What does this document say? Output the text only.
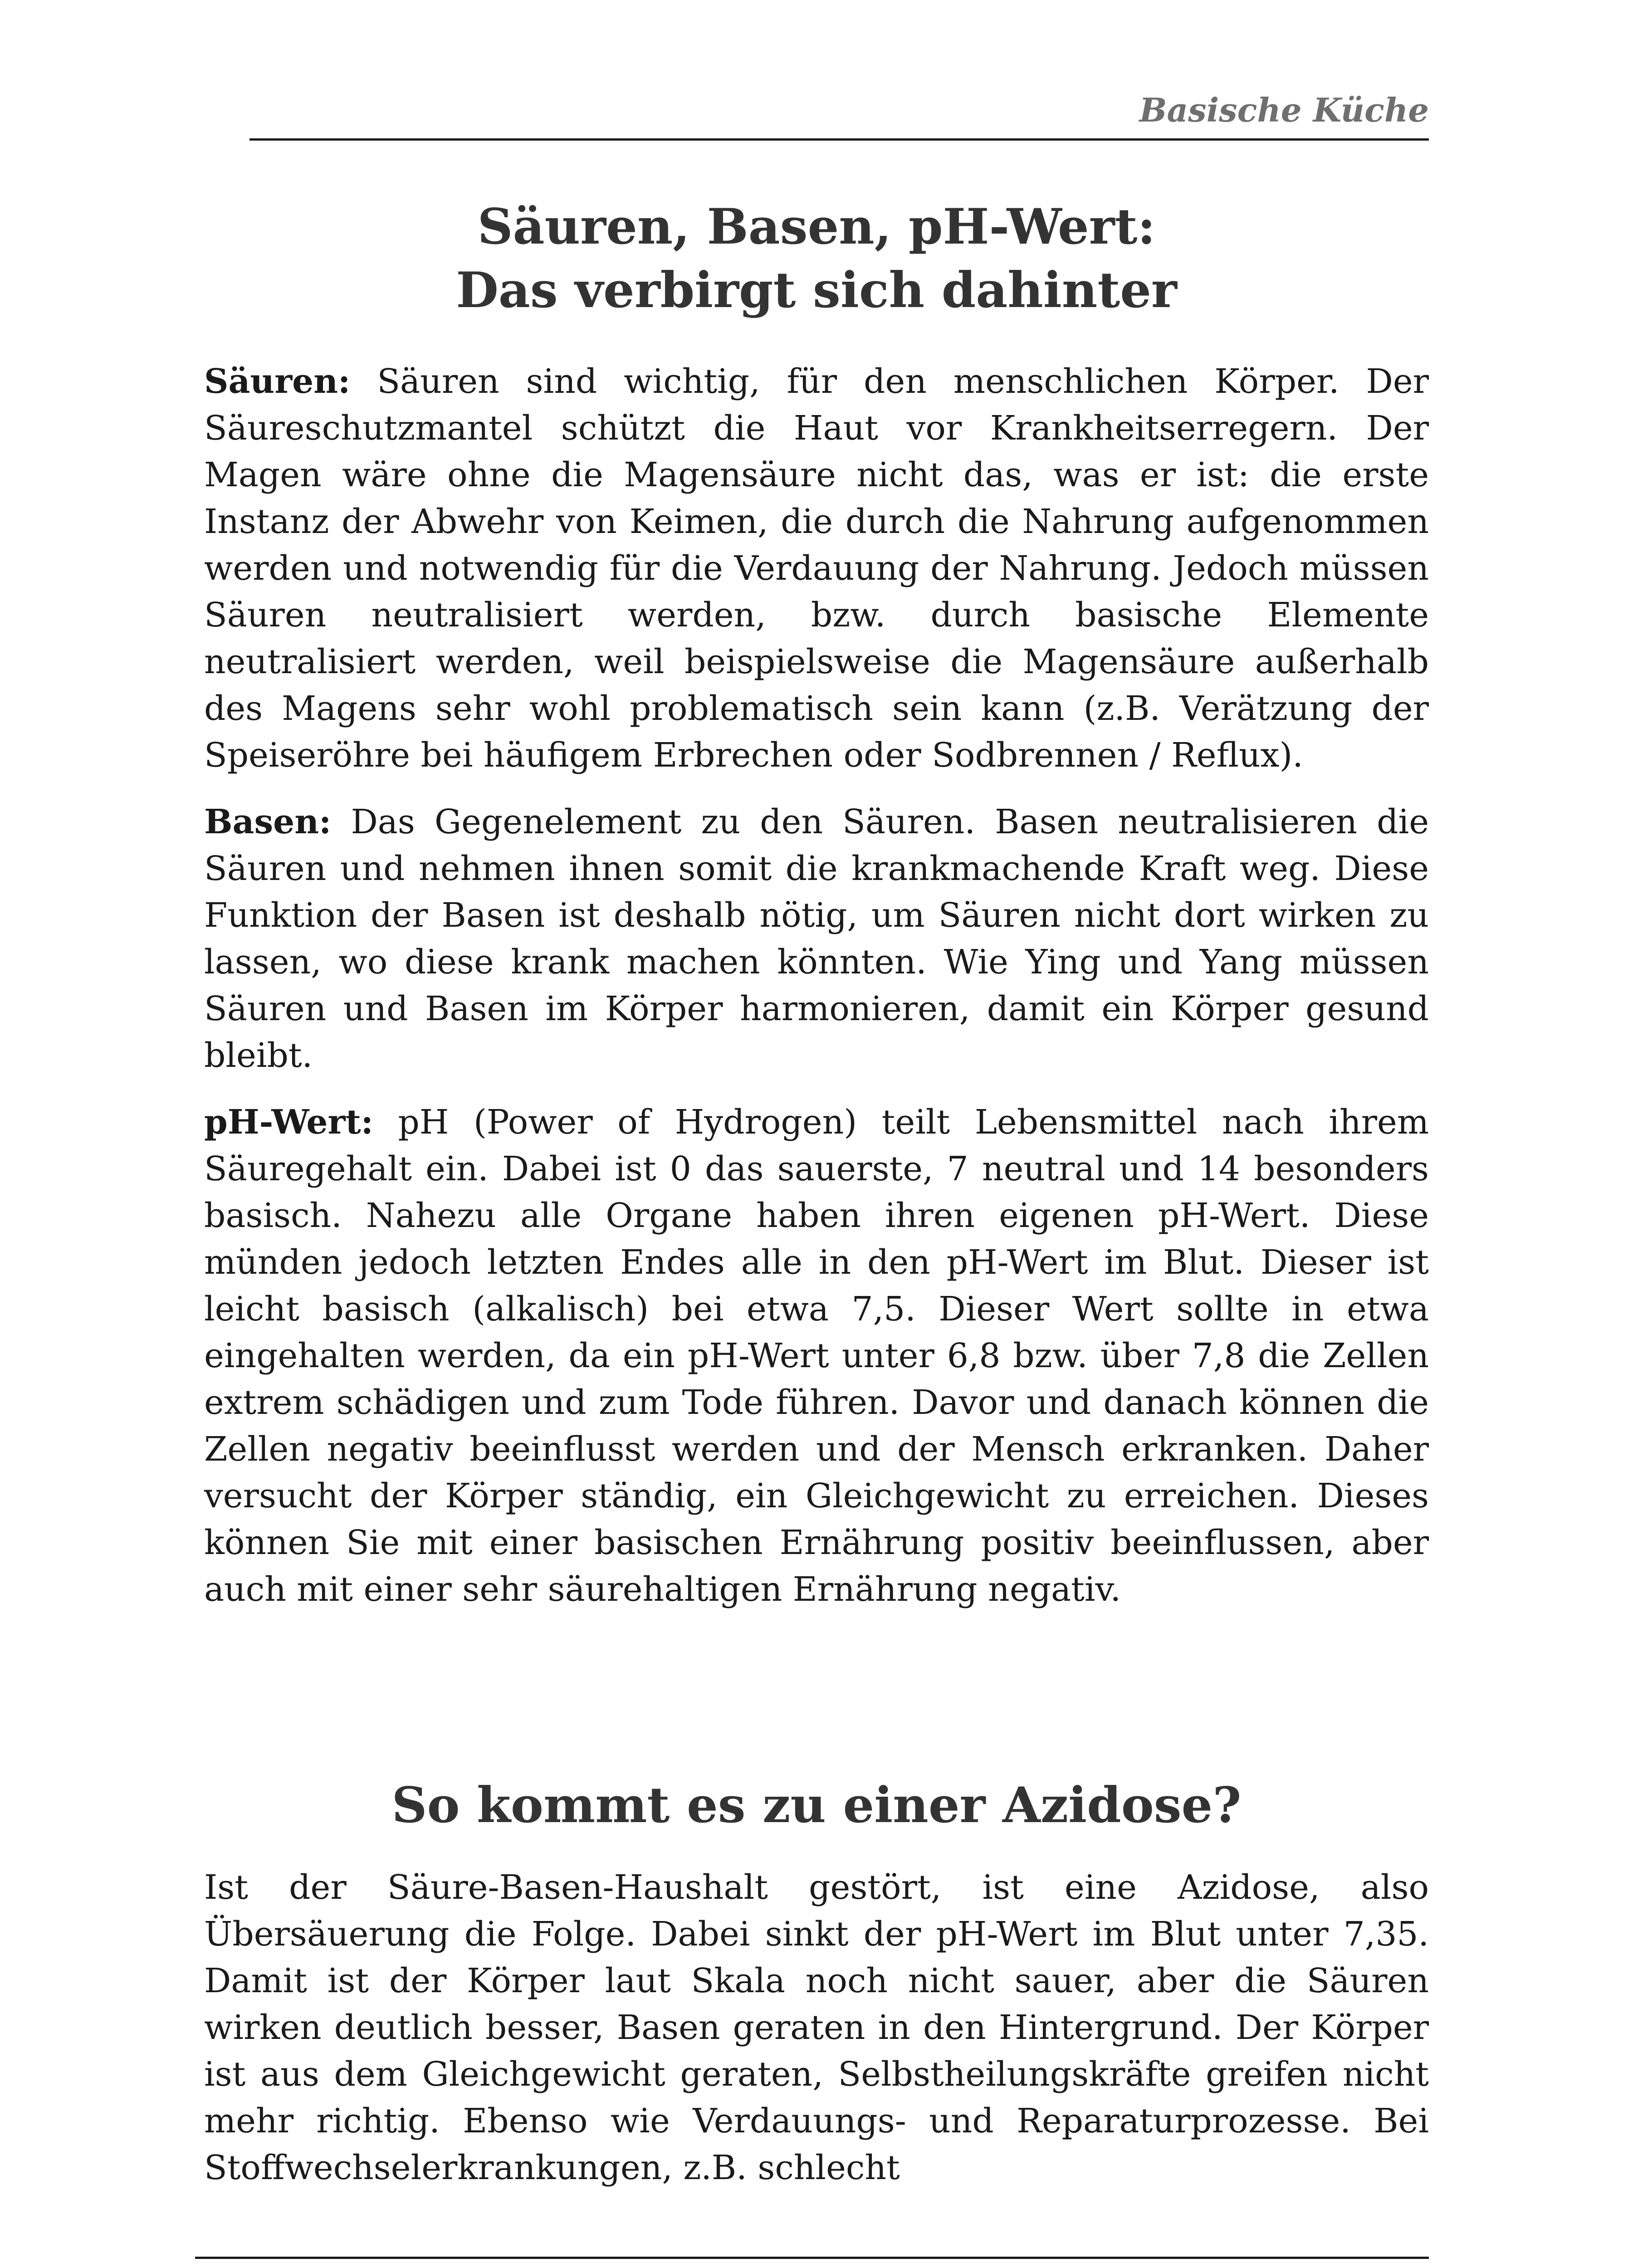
Basische Küche
Säuren, Basen, pH-Wert:
Das verbirgt sich dahinter

Säuren: Säuren sind wichtig, für den menschlichen Körper. Der Säureschutzmantel schützt die Haut vor Krankheitserregern. Der Magen wäre ohne die Magensäure nicht das, was er ist: die erste Instanz der Abwehr von Keimen, die durch die Nahrung aufgenommen werden und notwendig für die Verdauung der Nahrung. Jedoch müssen Säuren neutralisiert werden, bzw. durch basische Elemente neutralisiert werden, weil beispielsweise die Magensäure außerhalb des Magens sehr wohl problematisch sein kann (z.B. Verätzung der Speiseröhre bei häufigem Erbrechen oder Sodbrennen / Reflux).

Basen: Das Gegenelement zu den Säuren. Basen neutralisieren die Säuren und nehmen ihnen somit die krankmachende Kraft weg. Diese Funktion der Basen ist deshalb nötig, um Säuren nicht dort wirken zu lassen, wo diese krank machen könnten. Wie Ying und Yang müssen Säuren und Basen im Körper harmonieren, damit ein Körper gesund bleibt.

pH-Wert: pH (Power of Hydrogen) teilt Lebensmittel nach ihrem Säuregehalt ein. Dabei ist 0 das sauerste, 7 neutral und 14 besonders basisch. Nahezu alle Organe haben ihren eigenen pH-Wert. Diese münden jedoch letzten Endes alle in den pH-Wert im Blut. Dieser ist leicht basisch (alkalisch) bei etwa 7,5. Dieser Wert sollte in etwa eingehalten werden, da ein pH-Wert unter 6,8 bzw. über 7,8 die Zellen extrem schädigen und zum Tode führen. Davor und danach können die Zellen negativ beeinflusst werden und der Mensch erkranken. Daher versucht der Körper ständig, ein Gleichgewicht zu erreichen. Dieses können Sie mit einer basischen Ernährung positiv beeinflussen, aber auch mit einer sehr säurehaltigen Ernährung negativ.

So kommt es zu einer Azidose?

Ist der Säure-Basen-Haushalt gestört, ist eine Azidose, also Übersäuerung die Folge. Dabei sinkt der pH-Wert im Blut unter 7,35. Damit ist der Körper laut Skala noch nicht sauer, aber die Säuren wirken deutlich besser, Basen geraten in den Hintergrund. Der Körper ist aus dem Gleichgewicht geraten, Selbstheilungskräfte greifen nicht mehr richtig. Ebenso wie Verdauungs- und Reparaturprozesse. Bei Stoffwechselerkrankungen, z.B. schlecht
